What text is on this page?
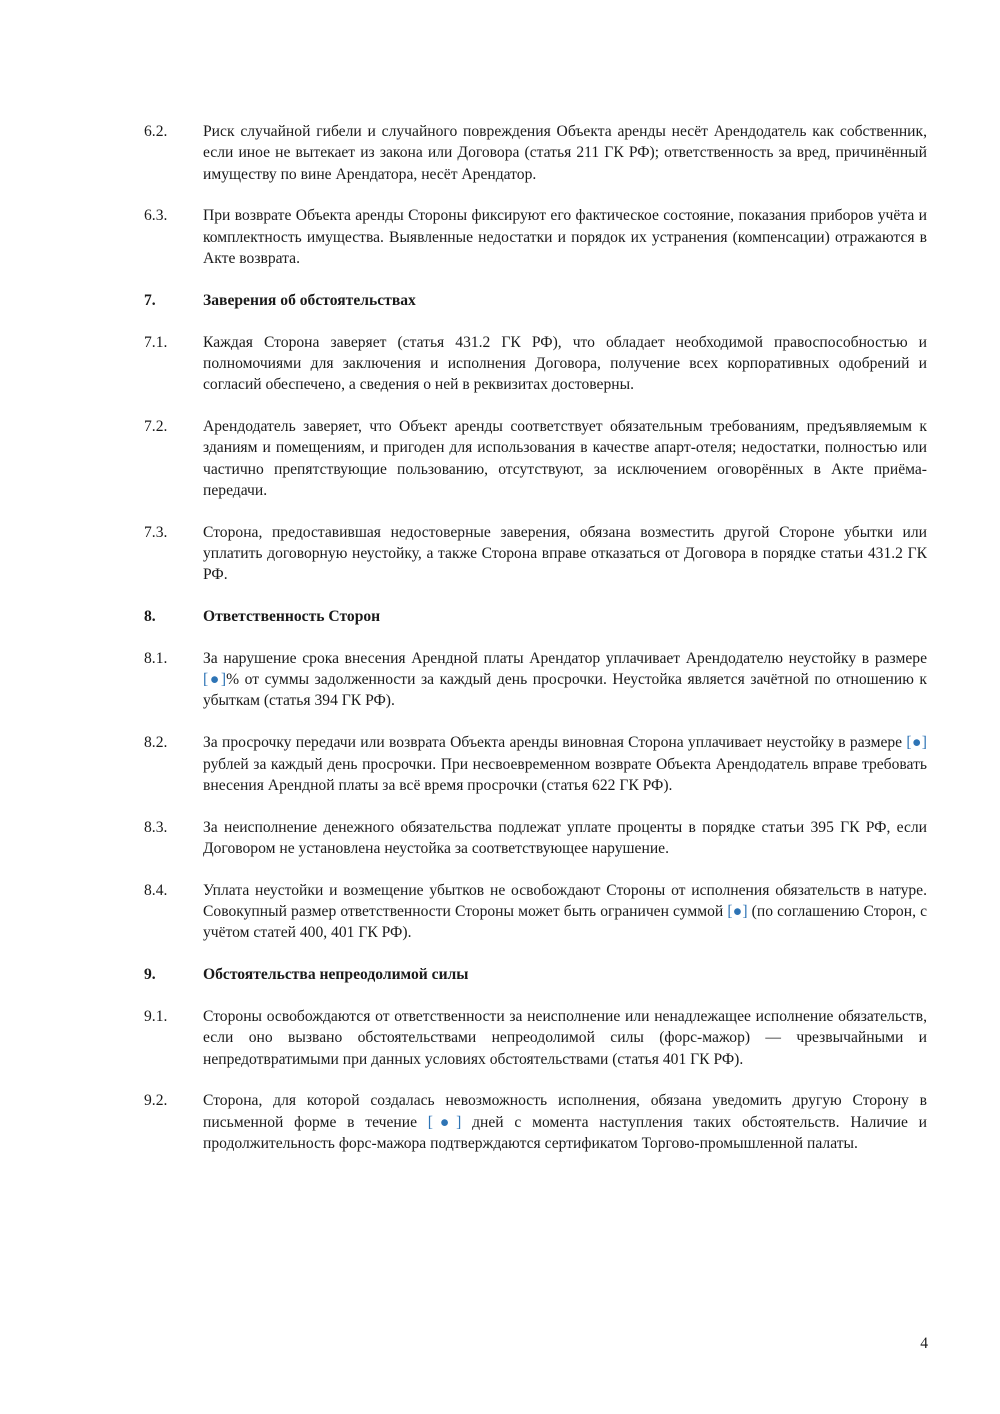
6.2.	Риск случайной гибели и случайного повреждения Объекта аренды несёт Арендодатель как собственник, если иное не вытекает из закона или Договора (статья 211 ГК РФ); ответственность за вред, причинённый имуществу по вине Арендатора, несёт Арендатор.
6.3.	При возврате Объекта аренды Стороны фиксируют его фактическое состояние, показания приборов учёта и комплектность имущества. Выявленные недостатки и порядок их устранения (компенсации) отражаются в Акте возврата.
7.	Заверения об обстоятельствах
7.1.	Каждая Сторона заверяет (статья 431.2 ГК РФ), что обладает необходимой правоспособностью и полномочиями для заключения и исполнения Договора, получение всех корпоративных одобрений и согласий обеспечено, а сведения о ней в реквизитах достоверны.
7.2.	Арендодатель заверяет, что Объект аренды соответствует обязательным требованиям, предъявляемым к зданиям и помещениям, и пригоден для использования в качестве апарт-отеля; недостатки, полностью или частично препятствующие пользованию, отсутствуют, за исключением оговорённых в Акте приёма-передачи.
7.3.	Сторона, предоставившая недостоверные заверения, обязана возместить другой Стороне убытки или уплатить договорную неустойку, а также Сторона вправе отказаться от Договора в порядке статьи 431.2 ГК РФ.
8.	Ответственность Сторон
8.1.	За нарушение срока внесения Арендной платы Арендатор уплачивает Арендодателю неустойку в размере [●]% от суммы задолженности за каждый день просрочки. Неустойка является зачётной по отношению к убыткам (статья 394 ГК РФ).
8.2.	За просрочку передачи или возврата Объекта аренды виновная Сторона уплачивает неустойку в размере [●] рублей за каждый день просрочки. При несвоевременном возврате Объекта Арендодатель вправе требовать внесения Арендной платы за всё время просрочки (статья 622 ГК РФ).
8.3.	За неисполнение денежного обязательства подлежат уплате проценты в порядке статьи 395 ГК РФ, если Договором не установлена неустойка за соответствующее нарушение.
8.4.	Уплата неустойки и возмещение убытков не освобождают Стороны от исполнения обязательств в натуре. Совокупный размер ответственности Стороны может быть ограничен суммой [●] (по соглашению Сторон, с учётом статей 400, 401 ГК РФ).
9.	Обстоятельства непреодолимой силы
9.1.	Стороны освобождаются от ответственности за неисполнение или ненадлежащее исполнение обязательств, если оно вызвано обстоятельствами непреодолимой силы (форс-мажор) — чрезвычайными и непредотвратимыми при данных условиях обстоятельствами (статья 401 ГК РФ).
9.2.	Сторона, для которой создалась невозможность исполнения, обязана уведомить другую Сторону в письменной форме в течение [●] дней с момента наступления таких обстоятельств. Наличие и продолжительность форс-мажора подтверждаются сертификатом Торгово-промышленной палаты.
4
